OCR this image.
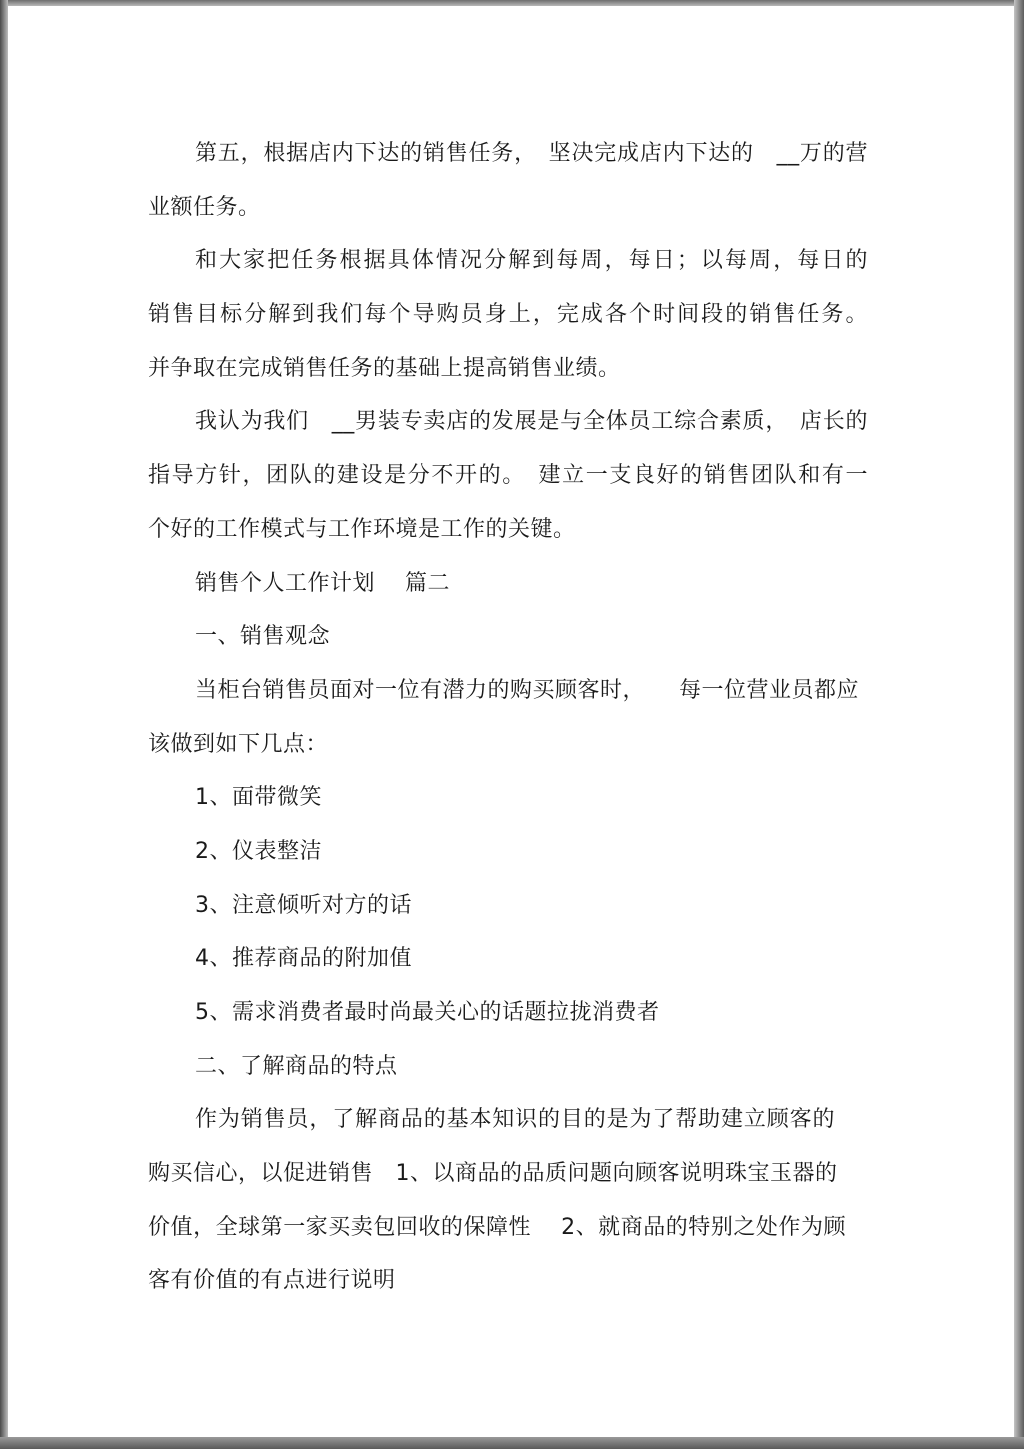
第五，根据店内下达的销售任务，　坚决完成店内下达的　__万的营
业额任务。
和大家把任务根据具体情况分解到每周，每日；以每周，每日的
销售目标分解到我们每个导购员身上，完成各个时间段的销售任务。
并争取在完成销售任务的基础上提高销售业绩。
我认为我们　__男装专卖店的发展是与全体员工综合素质，　店长的
指导方针，团队的建设是分不开的。　建立一支良好的销售团队和有一
个好的工作模式与工作环境是工作的关键。
销售个人工作计划　 篇二
一、销售观念
当柜台销售员面对一位有潜力的购买顾客时，　　每一位营业员都应
该做到如下几点：
1、面带微笑
2、仪表整洁
3、注意倾听对方的话
4、推荐商品的附加值
5、需求消费者最时尚最关心的话题拉拢消费者
二、了解商品的特点
作为销售员，了解商品的基本知识的目的是为了帮助建立顾客的
购买信心，以促进销售　1、以商品的品质问题向顾客说明珠宝玉器的
价值，全球第一家买卖包回收的保障性　 2、就商品的特别之处作为顾
客有价值的有点进行说明
